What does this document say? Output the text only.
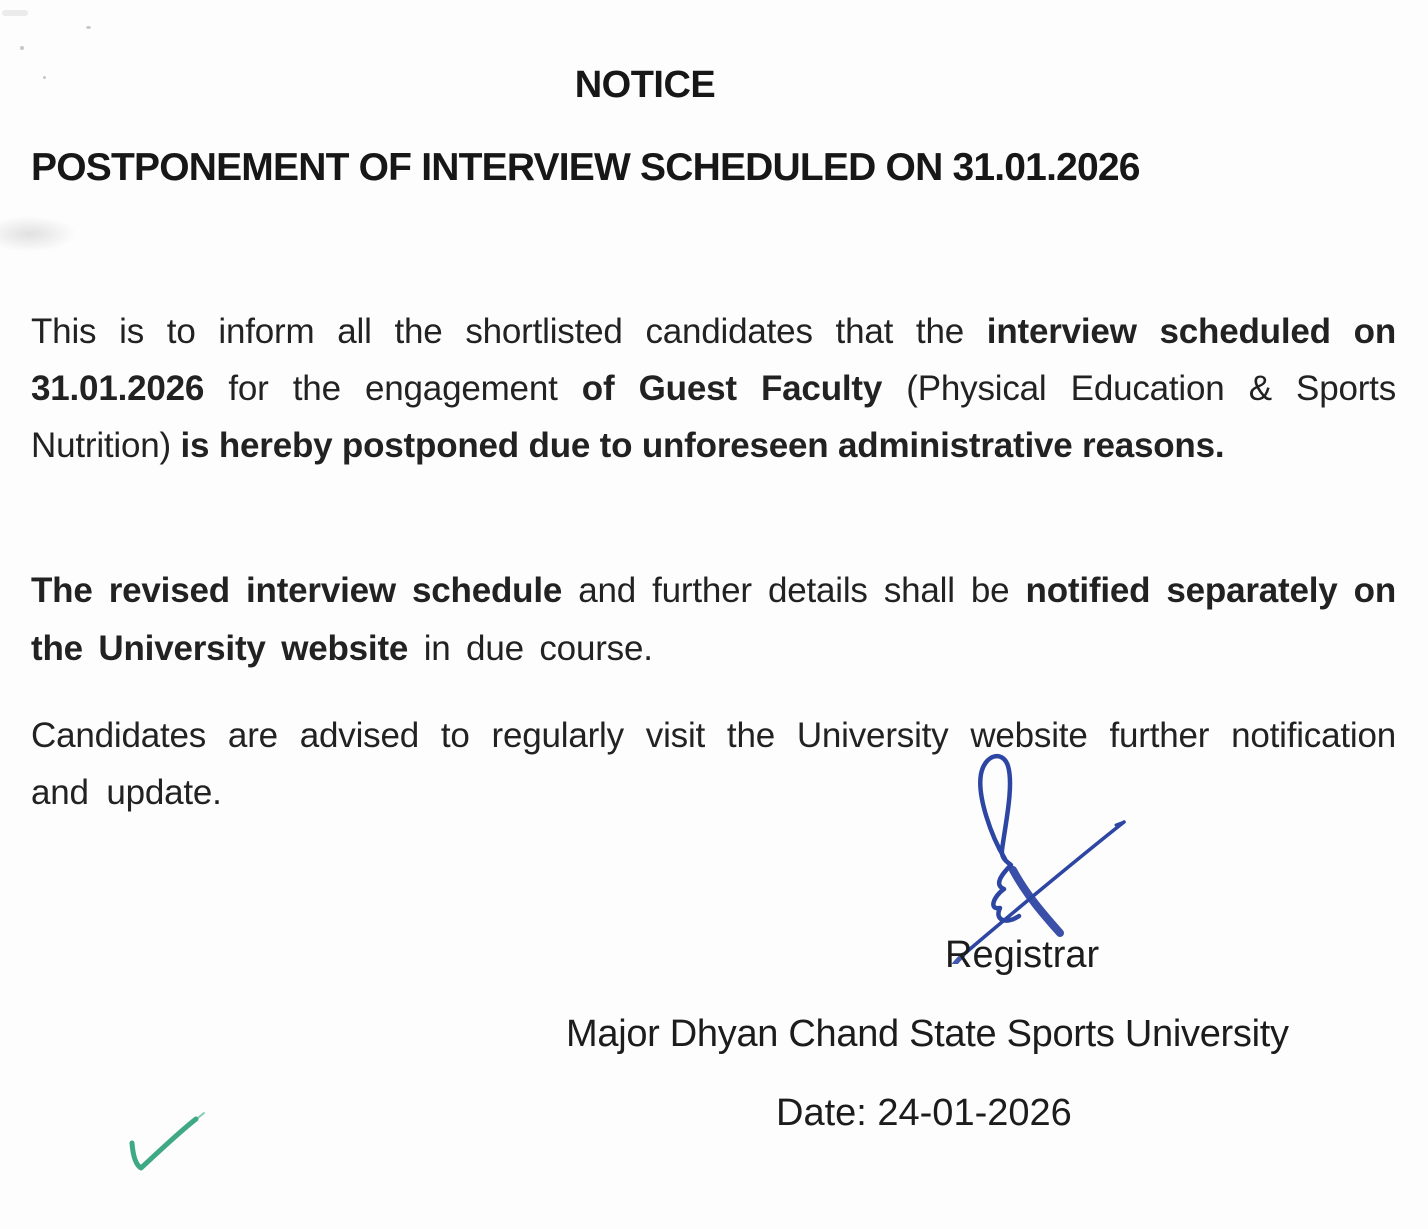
NOTICE
POSTPONEMENT OF INTERVIEW SCHEDULED ON 31.01.2026

This is to inform all the shortlisted candidates that the interview scheduled on 31.01.2026 for the engagement of Guest Faculty (Physical Education & Sports Nutrition) is hereby postponed due to unforeseen administrative reasons.

The revised interview schedule and further details shall be notified separately on the University website in due course.

Candidates are advised to regularly visit the University website further notification and update.

Registrar
Major Dhyan Chand State Sports University
Date: 24-01-2026
